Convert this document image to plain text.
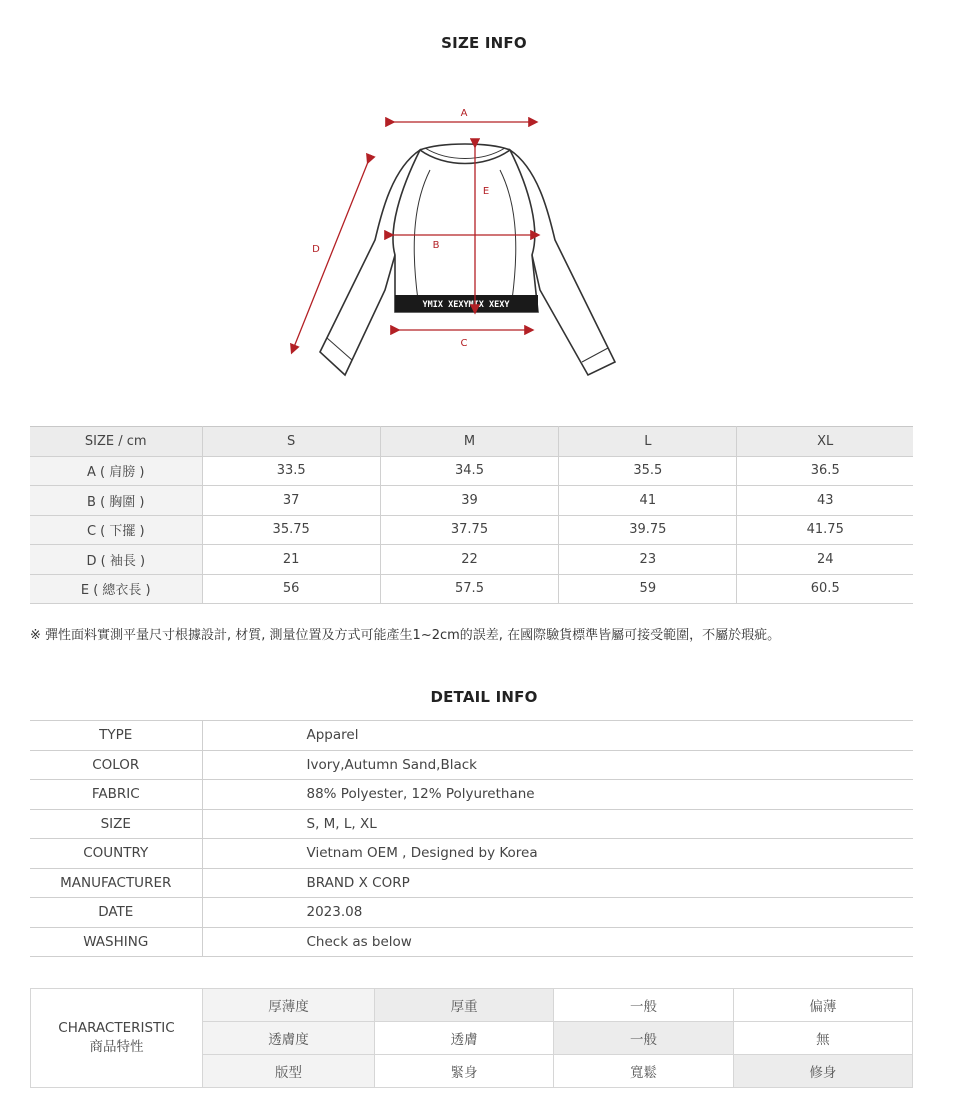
SIZE INFO
YMIX XEXYMIX XEXY
A
B
C
D
E
SIZE / cm	S	M	L	XL
A ( 肩膀 )	33.5	34.5	35.5	36.5
B ( 胸圍 )	37	39	41	43
C ( 下擺 )	35.75	37.75	39.75	41.75
D ( 袖長 )	21	22	23	24
E ( 總衣長 )	56	57.5	59	60.5
※ 彈性面料實測平量尺寸根據設計, 材質, 測量位置及方式可能產生1~2cm的誤差, 在國際驗貨標準皆屬可接受範圍，不屬於瑕疵。
DETAIL INFO
TYPE	Apparel
COLOR	Ivory,Autumn Sand,Black
FABRIC	88% Polyester, 12% Polyurethane
SIZE	S, M, L, XL
COUNTRY	Vietnam OEM , Designed by Korea
MANUFACTURER	BRAND X CORP
DATE	2023.08
WASHING	Check as below
CHARACTERISTIC
商品特性	厚薄度	厚重	一般	偏薄
	透膚度	透膚	一般	無
	版型	緊身	寬鬆	修身
